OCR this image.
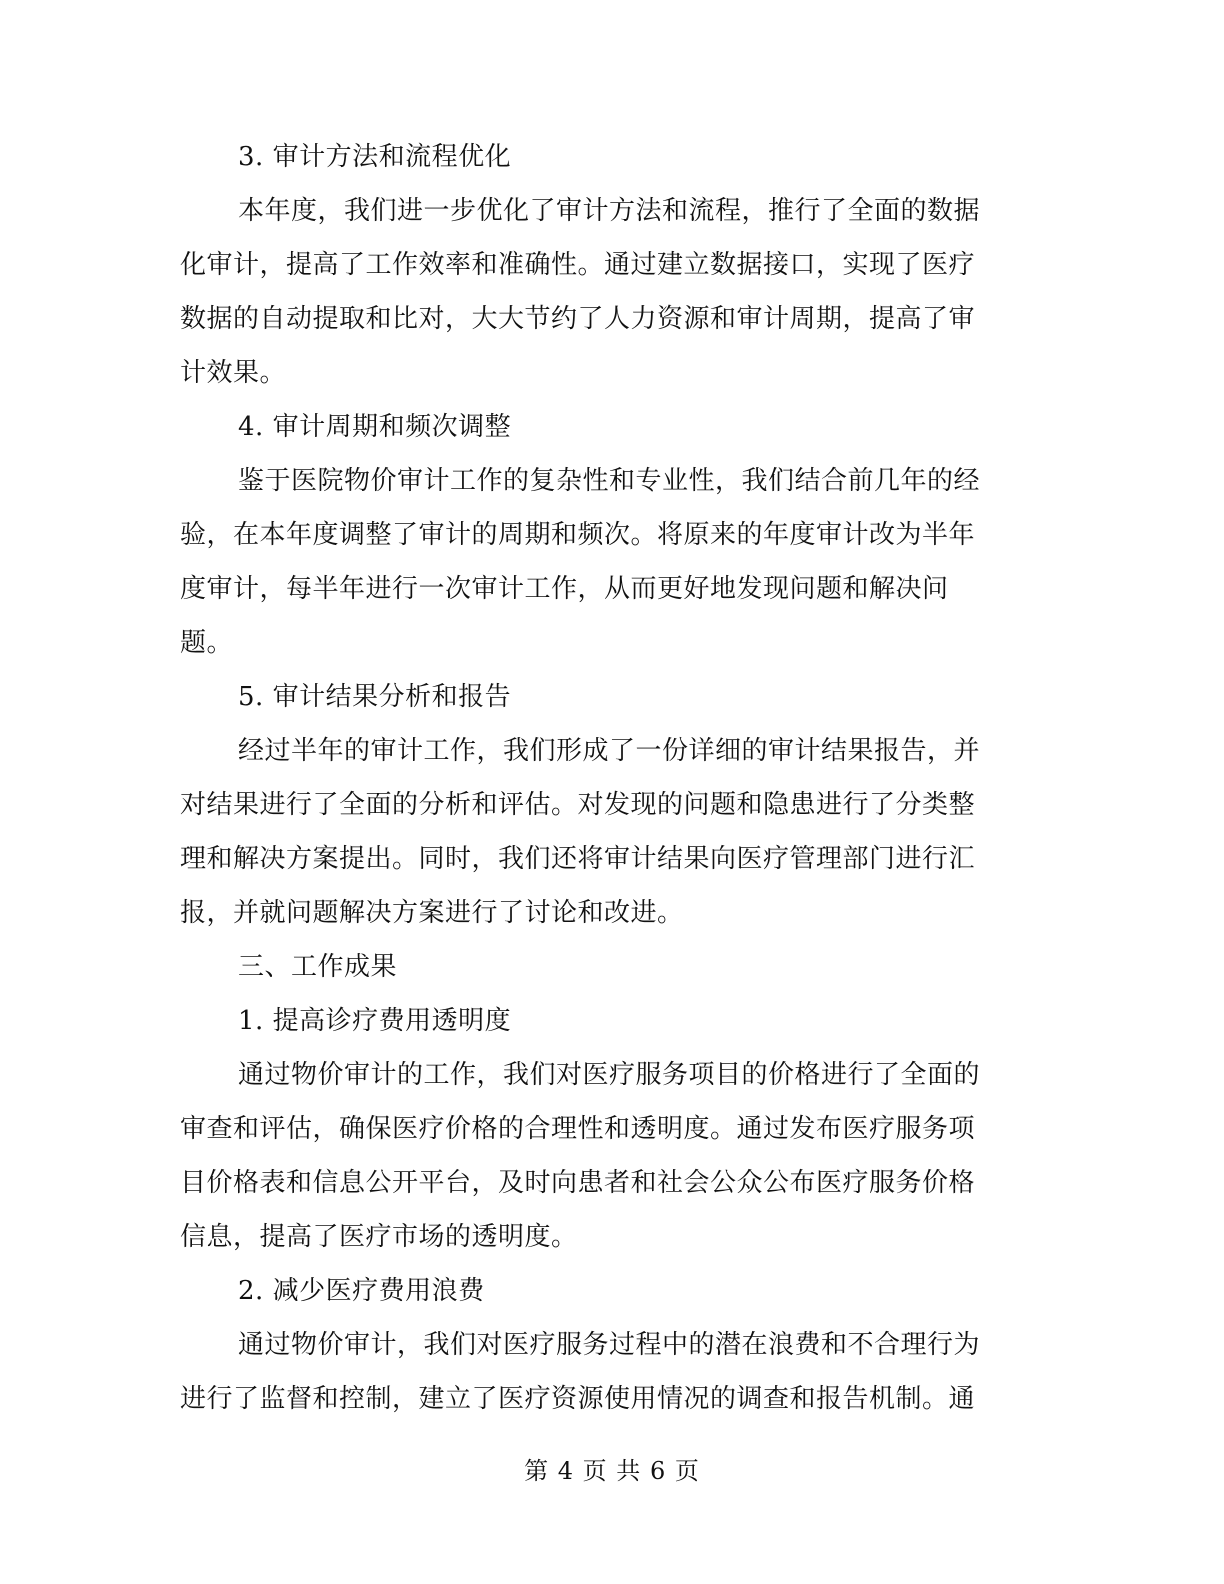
3. 审计方法和流程优化
本年度，我们进一步优化了审计方法和流程，推行了全面的数据
化审计，提高了工作效率和准确性。通过建立数据接口，实现了医疗
数据的自动提取和比对，大大节约了人力资源和审计周期，提高了审
计效果。
4. 审计周期和频次调整
鉴于医院物价审计工作的复杂性和专业性，我们结合前几年的经
验，在本年度调整了审计的周期和频次。将原来的年度审计改为半年
度审计，每半年进行一次审计工作，从而更好地发现问题和解决问
题。
5. 审计结果分析和报告
经过半年的审计工作，我们形成了一份详细的审计结果报告，并
对结果进行了全面的分析和评估。对发现的问题和隐患进行了分类整
理和解决方案提出。同时，我们还将审计结果向医疗管理部门进行汇
报，并就问题解决方案进行了讨论和改进。
三、工作成果
1. 提高诊疗费用透明度
通过物价审计的工作，我们对医疗服务项目的价格进行了全面的
审查和评估，确保医疗价格的合理性和透明度。通过发布医疗服务项
目价格表和信息公开平台，及时向患者和社会公众公布医疗服务价格
信息，提高了医疗市场的透明度。
2. 减少医疗费用浪费
通过物价审计，我们对医疗服务过程中的潜在浪费和不合理行为
进行了监督和控制，建立了医疗资源使用情况的调查和报告机制。通
第 4 页 共 6 页
